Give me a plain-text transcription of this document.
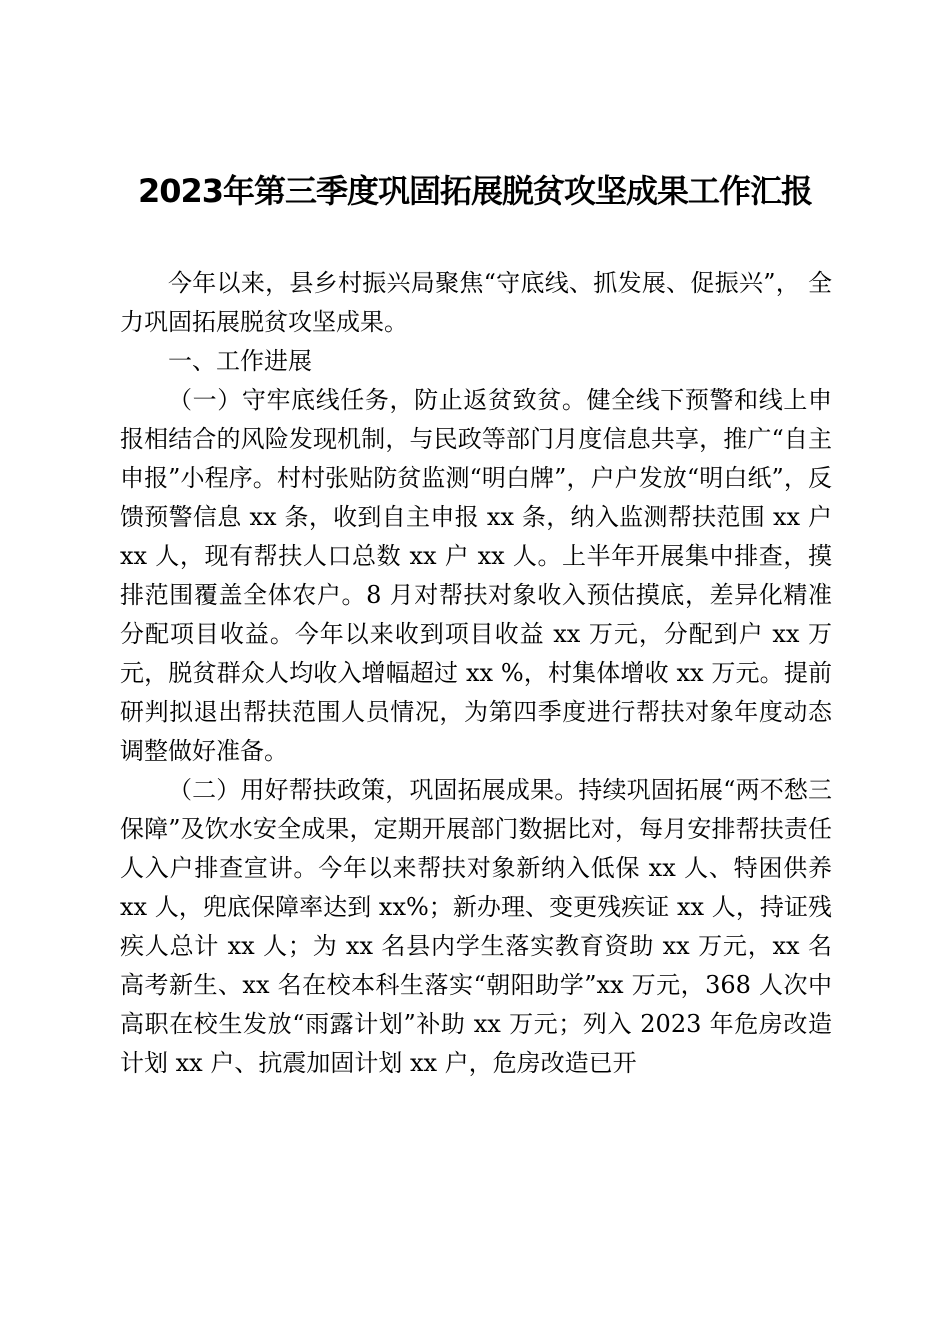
2023年第三季度巩固拓展脱贫攻坚成果工作汇报

今年以来，县乡村振兴局聚焦“守底线、抓发展、促振兴”， 全力巩固拓展脱贫攻坚成果。

一、工作进展

（一）守牢底线任务，防止返贫致贫。健全线下预警和线上申报相结合的风险发现机制，与民政等部门月度信息共享，推广“自主申报”小程序。村村张贴防贫监测“明白牌”，户户发放“明白纸”，反馈预警信息 xx 条，收到自主申报 xx 条，纳入监测帮扶范围 xx 户 xx 人，现有帮扶人口总数 xx 户 xx 人。上半年开展集中排查，摸排范围覆盖全体农户。8 月对帮扶对象收入预估摸底，差异化精准分配项目收益。今年以来收到项目收益 xx 万元，分配到户 xx 万元，脱贫群众人均收入增幅超过 xx %，村集体增收 xx 万元。提前研判拟退出帮扶范围人员情况，为第四季度进行帮扶对象年度动态调整做好准备。

（二）用好帮扶政策，巩固拓展成果。持续巩固拓展“两不愁三保障”及饮水安全成果，定期开展部门数据比对，每月安排帮扶责任人入户排查宣讲。今年以来帮扶对象新纳入低保 xx 人、特困供养 xx 人，兜底保障率达到 xx%；新办理、变更残疾证 xx 人，持证残疾人总计 xx 人；为 xx 名县内学生落实教育资助 xx 万元，xx 名高考新生、xx 名在校本科生落实“朝阳助学”xx 万元，368 人次中高职在校生发放“雨露计划”补助 xx 万元；列入 2023 年危房改造计划 xx 户、抗震加固计划 xx 户，危房改造已开
